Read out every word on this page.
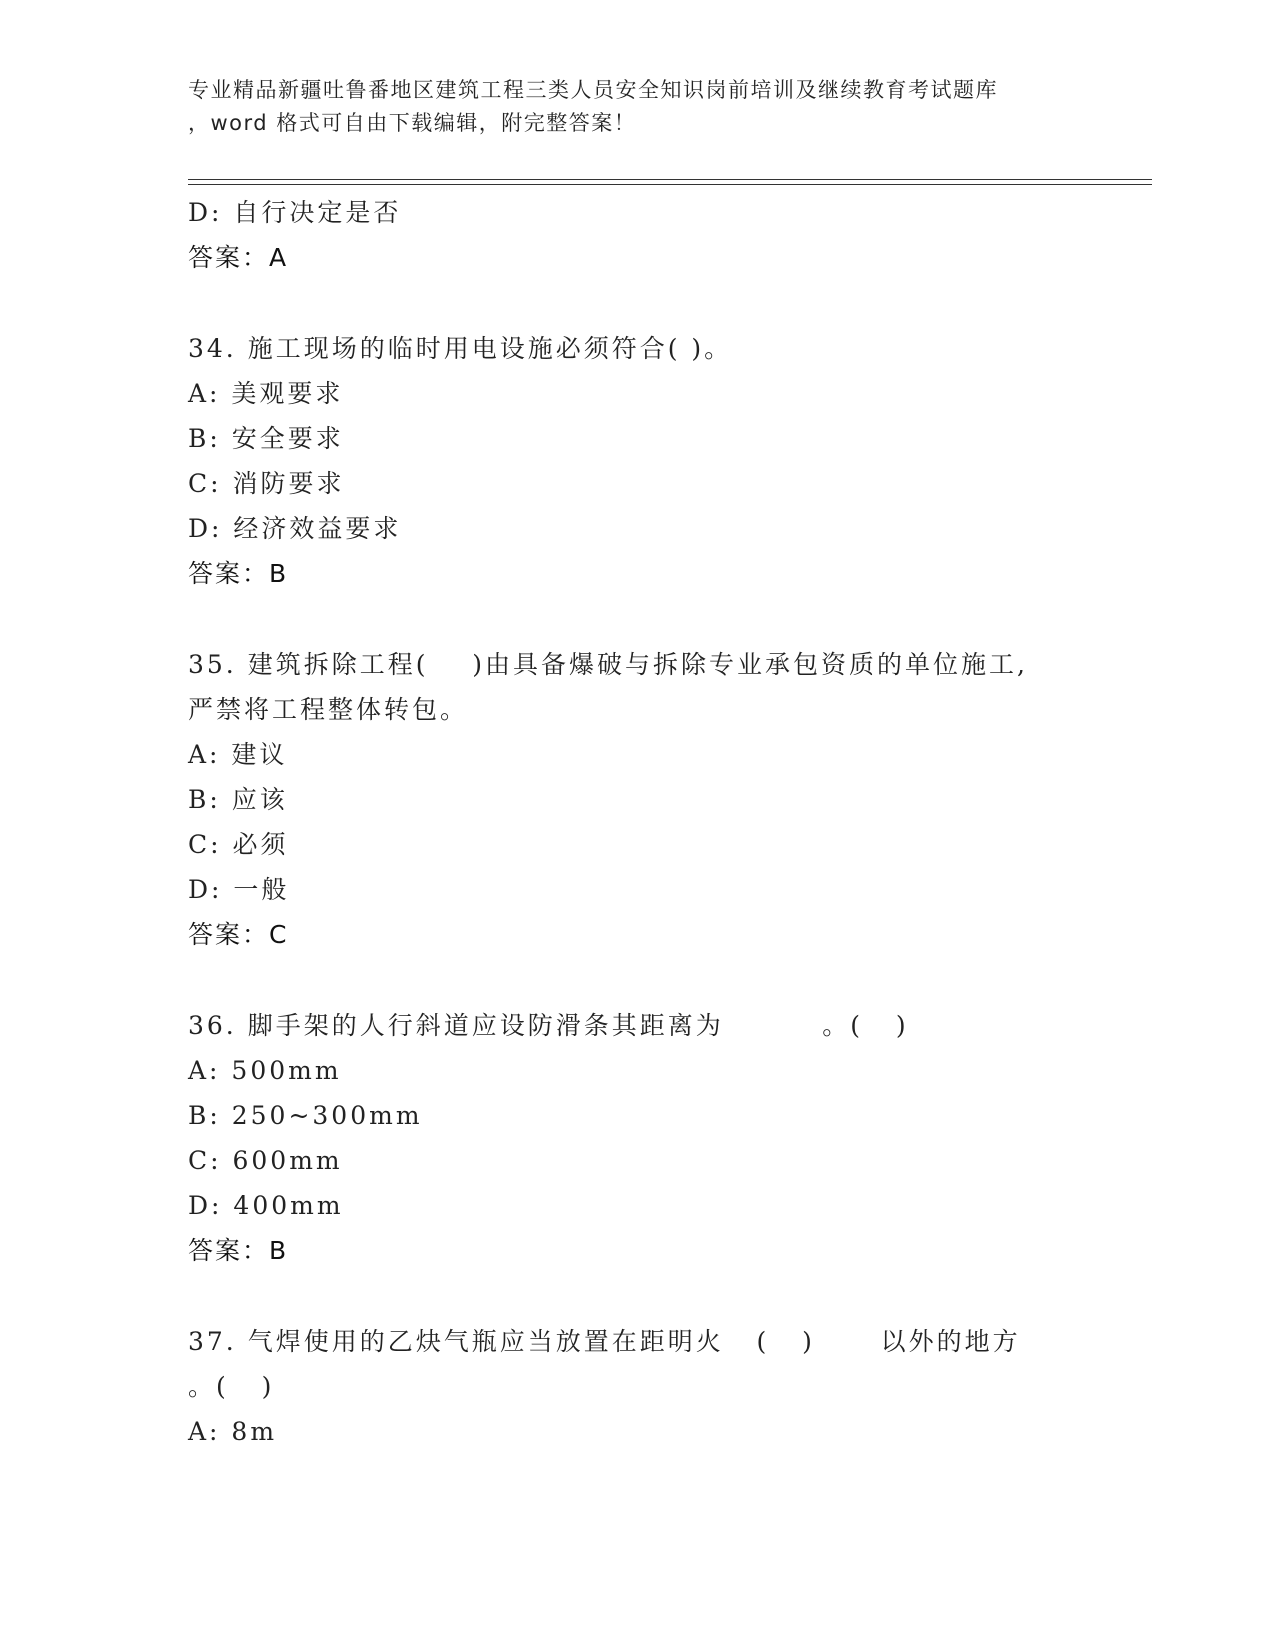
专业精品新疆吐鲁番地区建筑工程三类人员安全知识岗前培训及继续教育考试题库
，word 格式可自由下载编辑，附完整答案！
D: 自行决定是否
答案：A
34. 施工现场的临时用电设施必须符合( )。
A: 美观要求
B: 安全要求
C: 消防要求
D: 经济效益要求
答案：B
35. 建筑拆除工程(    )由具备爆破与拆除专业承包资质的单位施工,
严禁将工程整体转包。
A: 建议
B: 应该
C: 必须
D: 一般
答案：C
36. 脚手架的人行斜道应设防滑条其距离为         。(   )
A: 500mm
B: 250~300mm
C: 600mm
D: 400mm
答案：B
37. 气焊使用的乙炔气瓶应当放置在距明火   (   )      以外的地方
。(   )
A: 8m
